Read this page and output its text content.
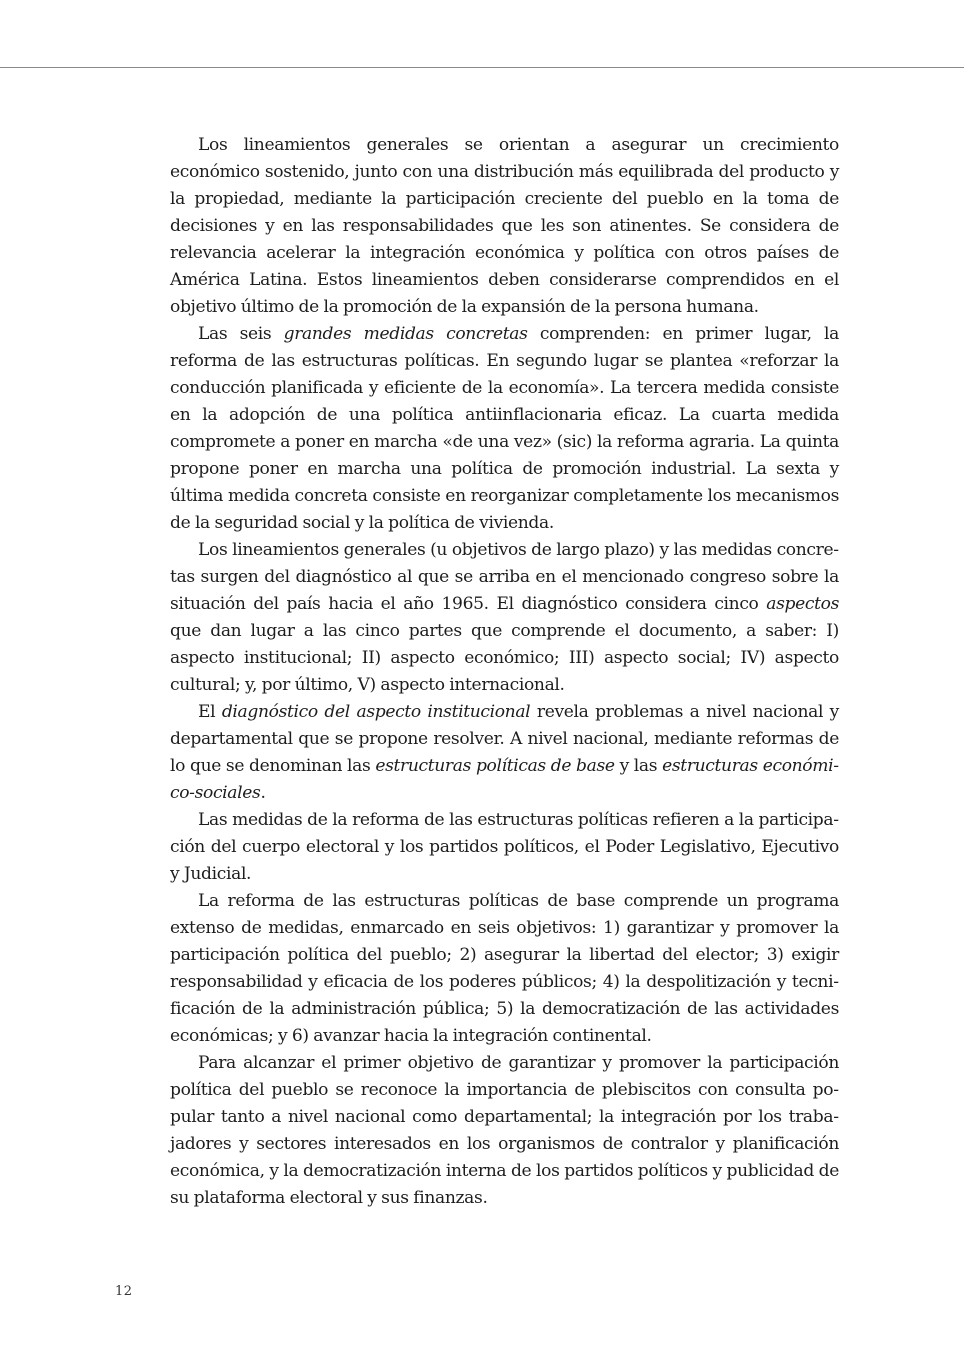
Los lineamientos generales se orientan a asegurar un crecimiento económico sostenido, junto con una distribución más equilibrada del producto y la propiedad, mediante la participación creciente del pueblo en la toma de decisiones y en las responsabilidades que les son atinentes. Se considera de relevancia acelerar la integración económica y política con otros países de América Latina. Estos lineamientos deben considerarse comprendidos en el objetivo último de la promoción de la expansión de la persona humana.

Las seis grandes medidas concretas comprenden: en primer lugar, la reforma de las estructuras políticas. En segundo lugar se plantea «reforzar la conducción planificada y eficiente de la economía». La tercera medida consiste en la adopción de una política antiinflacionaria eficaz. La cuarta medida compromete a poner en marcha «de una vez» (sic) la reforma agraria. La quinta propone poner en marcha una política de promoción industrial. La sexta y última medida concreta consiste en reorganizar completamente los mecanismos de la seguridad social y la política de vivienda.

Los lineamientos generales (u objetivos de largo plazo) y las medidas concretas surgen del diagnóstico al que se arriba en el mencionado congreso sobre la situación del país hacia el año 1965. El diagnóstico considera cinco aspectos que dan lugar a las cinco partes que comprende el documento, a saber: I) aspecto institucional; II) aspecto económico; III) aspecto social; IV) aspecto cultural; y, por último, V) aspecto internacional.

El diagnóstico del aspecto institucional revela problemas a nivel nacional y departamental que se propone resolver. A nivel nacional, mediante reformas de lo que se denominan las estructuras políticas de base y las estructuras económico-sociales.

Las medidas de la reforma de las estructuras políticas refieren a la participación del cuerpo electoral y los partidos políticos, el Poder Legislativo, Ejecutivo y Judicial.

La reforma de las estructuras políticas de base comprende un programa extenso de medidas, enmarcado en seis objetivos: 1) garantizar y promover la participación política del pueblo; 2) asegurar la libertad del elector; 3) exigir responsabilidad y eficacia de los poderes públicos; 4) la despolitización y tecnificación de la administración pública; 5) la democratización de las actividades económicas; y 6) avanzar hacia la integración continental.

Para alcanzar el primer objetivo de garantizar y promover la participación política del pueblo se reconoce la importancia de plebiscitos con consulta popular tanto a nivel nacional como departamental; la integración por los trabajadores y sectores interesados en los organismos de contralor y planificación económica, y la democratización interna de los partidos políticos y publicidad de su plataforma electoral y sus finanzas.

12
